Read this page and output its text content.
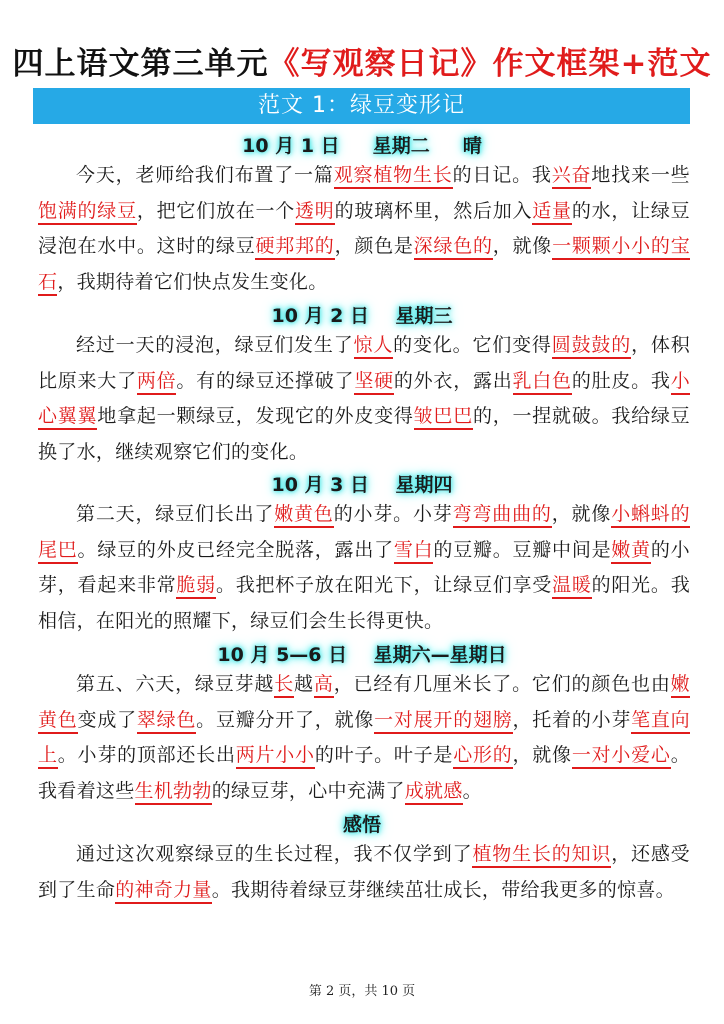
四上语文第三单元《写观察日记》作文框架+范文
范文 1：绿豆变形记
10 月 1 日     星期二     晴
今天，老师给我们布置了一篇观察植物生长的日记。我兴奋地找来一些饱满的绿豆，把它们放在一个透明的玻璃杯里，然后加入适量的水，让绿豆浸泡在水中。这时的绿豆硬邦邦的，颜色是深绿色的，就像一颗颗小小的宝石，我期待着它们快点发生变化。
10 月 2 日    星期三
经过一天的浸泡，绿豆们发生了惊人的变化。它们变得圆鼓鼓的，体积比原来大了两倍。有的绿豆还撑破了坚硬的外衣，露出乳白色的肚皮。我小心翼翼地拿起一颗绿豆，发现它的外皮变得皱巴巴的，一捏就破。我给绿豆换了水，继续观察它们的变化。
10 月 3 日    星期四
第二天，绿豆们长出了嫩黄色的小芽。小芽弯弯曲曲的，就像小蝌蚪的尾巴。绿豆的外皮已经完全脱落，露出了雪白的豆瓣。豆瓣中间是嫩黄的小芽，看起来非常脆弱。我把杯子放在阳光下，让绿豆们享受温暖的阳光。我相信，在阳光的照耀下，绿豆们会生长得更快。
10 月 5—6 日    星期六—星期日
第五、六天，绿豆芽越长越高，已经有几厘米长了。它们的颜色也由嫩黄色变成了翠绿色。豆瓣分开了，就像一对展开的翅膀，托着的小芽笔直向上。小芽的顶部还长出两片小小的叶子。叶子是心形的，就像一对小爱心。我看着这些生机勃勃的绿豆芽，心中充满了成就感。
感悟
通过这次观察绿豆的生长过程，我不仅学到了植物生长的知识，还感受到了生命的神奇力量。我期待着绿豆芽继续茁壮成长，带给我更多的惊喜。
第 2 页，共 10 页
